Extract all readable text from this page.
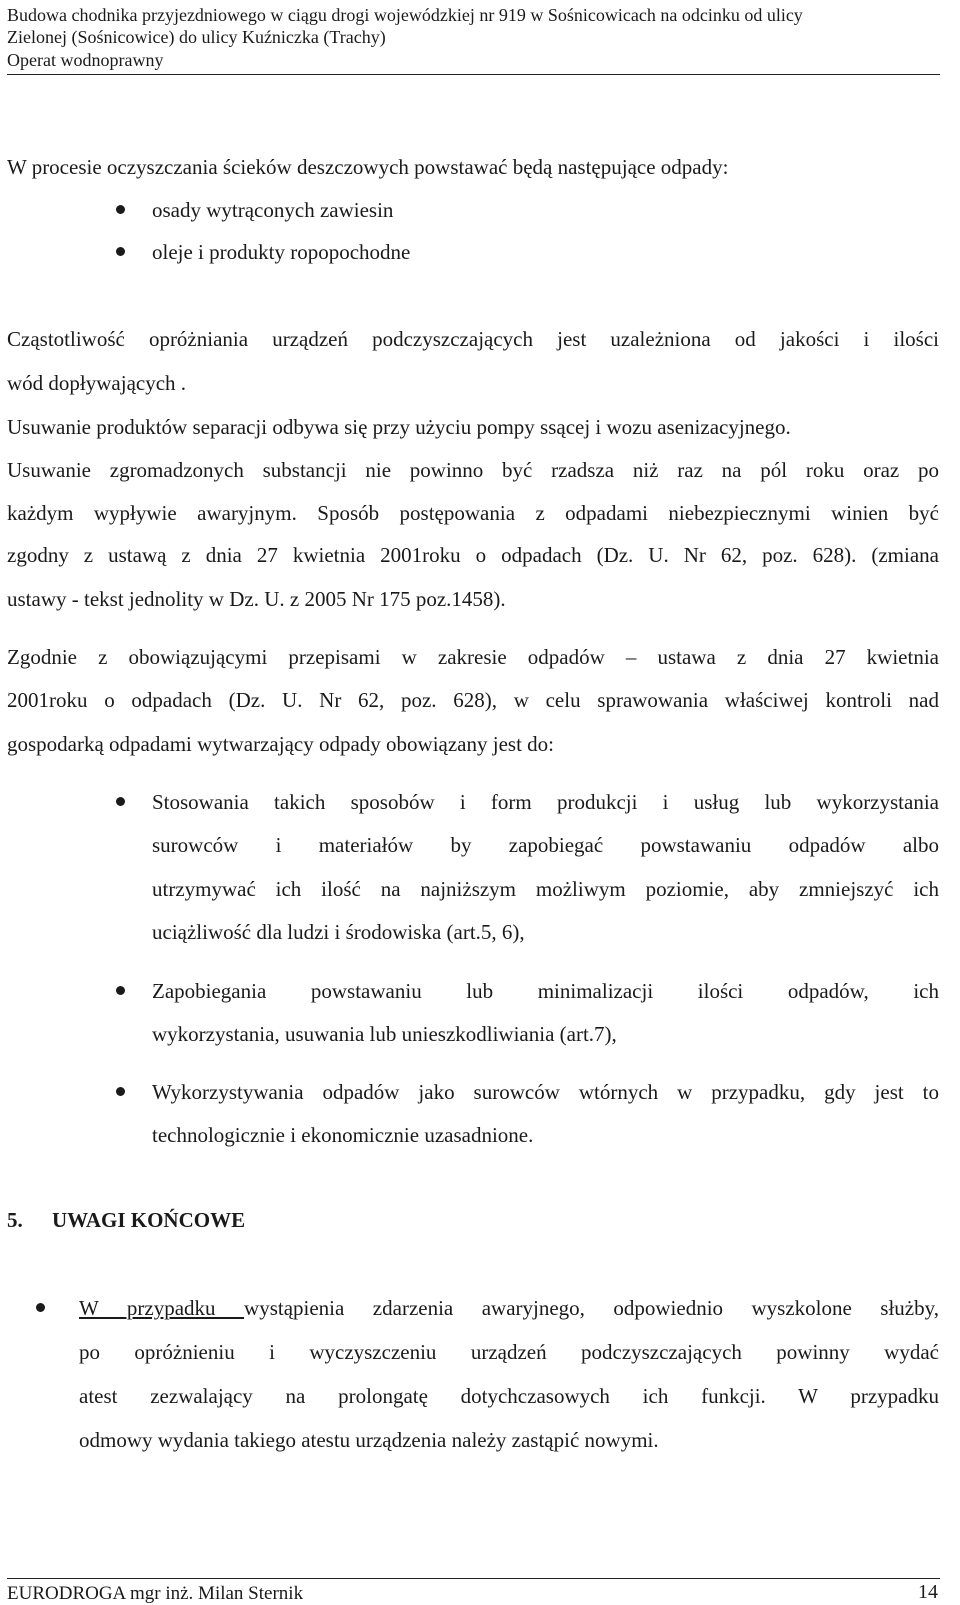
Budowa chodnika przyjezdniowego w ciągu drogi wojewódzkiej nr 919 w Sośnicowicach na odcinku od ulicy
Zielonej (Sośnicowice) do ulicy Kuźniczka (Trachy)
Operat wodnoprawny
W procesie oczyszczania ścieków deszczowych powstawać będą następujące odpady:
osady wytrąconych zawiesin
oleje i produkty ropopochodne
Cząstotliwość opróżniania urządzeń podczyszczających jest uzależniona od jakości i ilości
wód dopływających .
Usuwanie produktów separacji odbywa się przy użyciu pompy ssącej i wozu asenizacyjnego.
Usuwanie zgromadzonych substancji nie powinno być rzadsza niż raz na pól roku oraz po
każdym wypływie awaryjnym. Sposób postępowania z odpadami niebezpiecznymi winien być
zgodny z ustawą z dnia 27 kwietnia 2001roku o odpadach (Dz. U. Nr 62, poz. 628). (zmiana
ustawy - tekst jednolity w Dz. U. z 2005 Nr 175 poz.1458).
Zgodnie z obowiązującymi przepisami w zakresie odpadów – ustawa z dnia 27 kwietnia
2001roku o odpadach (Dz. U. Nr 62, poz. 628), w celu sprawowania właściwej kontroli nad
gospodarką odpadami wytwarzający odpady obowiązany jest do:
Stosowania takich sposobów i form produkcji i usług lub wykorzystania
surowców i materiałów by zapobiegać powstawaniu odpadów albo
utrzymywać ich ilość na najniższym możliwym poziomie, aby zmniejszyć ich
uciążliwość dla ludzi i środowiska (art.5, 6),
Zapobiegania powstawaniu lub minimalizacji ilości odpadów, ich
wykorzystania, usuwania lub unieszkodliwiania (art.7),
Wykorzystywania odpadów jako surowców wtórnych w przypadku, gdy jest to
technologicznie i ekonomicznie uzasadnione.
5. UWAGI KOŃCOWE
W przypadku wystąpienia zdarzenia awaryjnego, odpowiednio wyszkolone służby,
po opróżnieniu i wyczyszczeniu urządzeń podczyszczających powinny wydać
atest zezwalający na prolongatę dotychczasowych ich funkcji. W przypadku
odmowy wydania takiego atestu urządzenia należy zastąpić nowymi.
EURODROGA mgr inż. Milan Sternik	14
